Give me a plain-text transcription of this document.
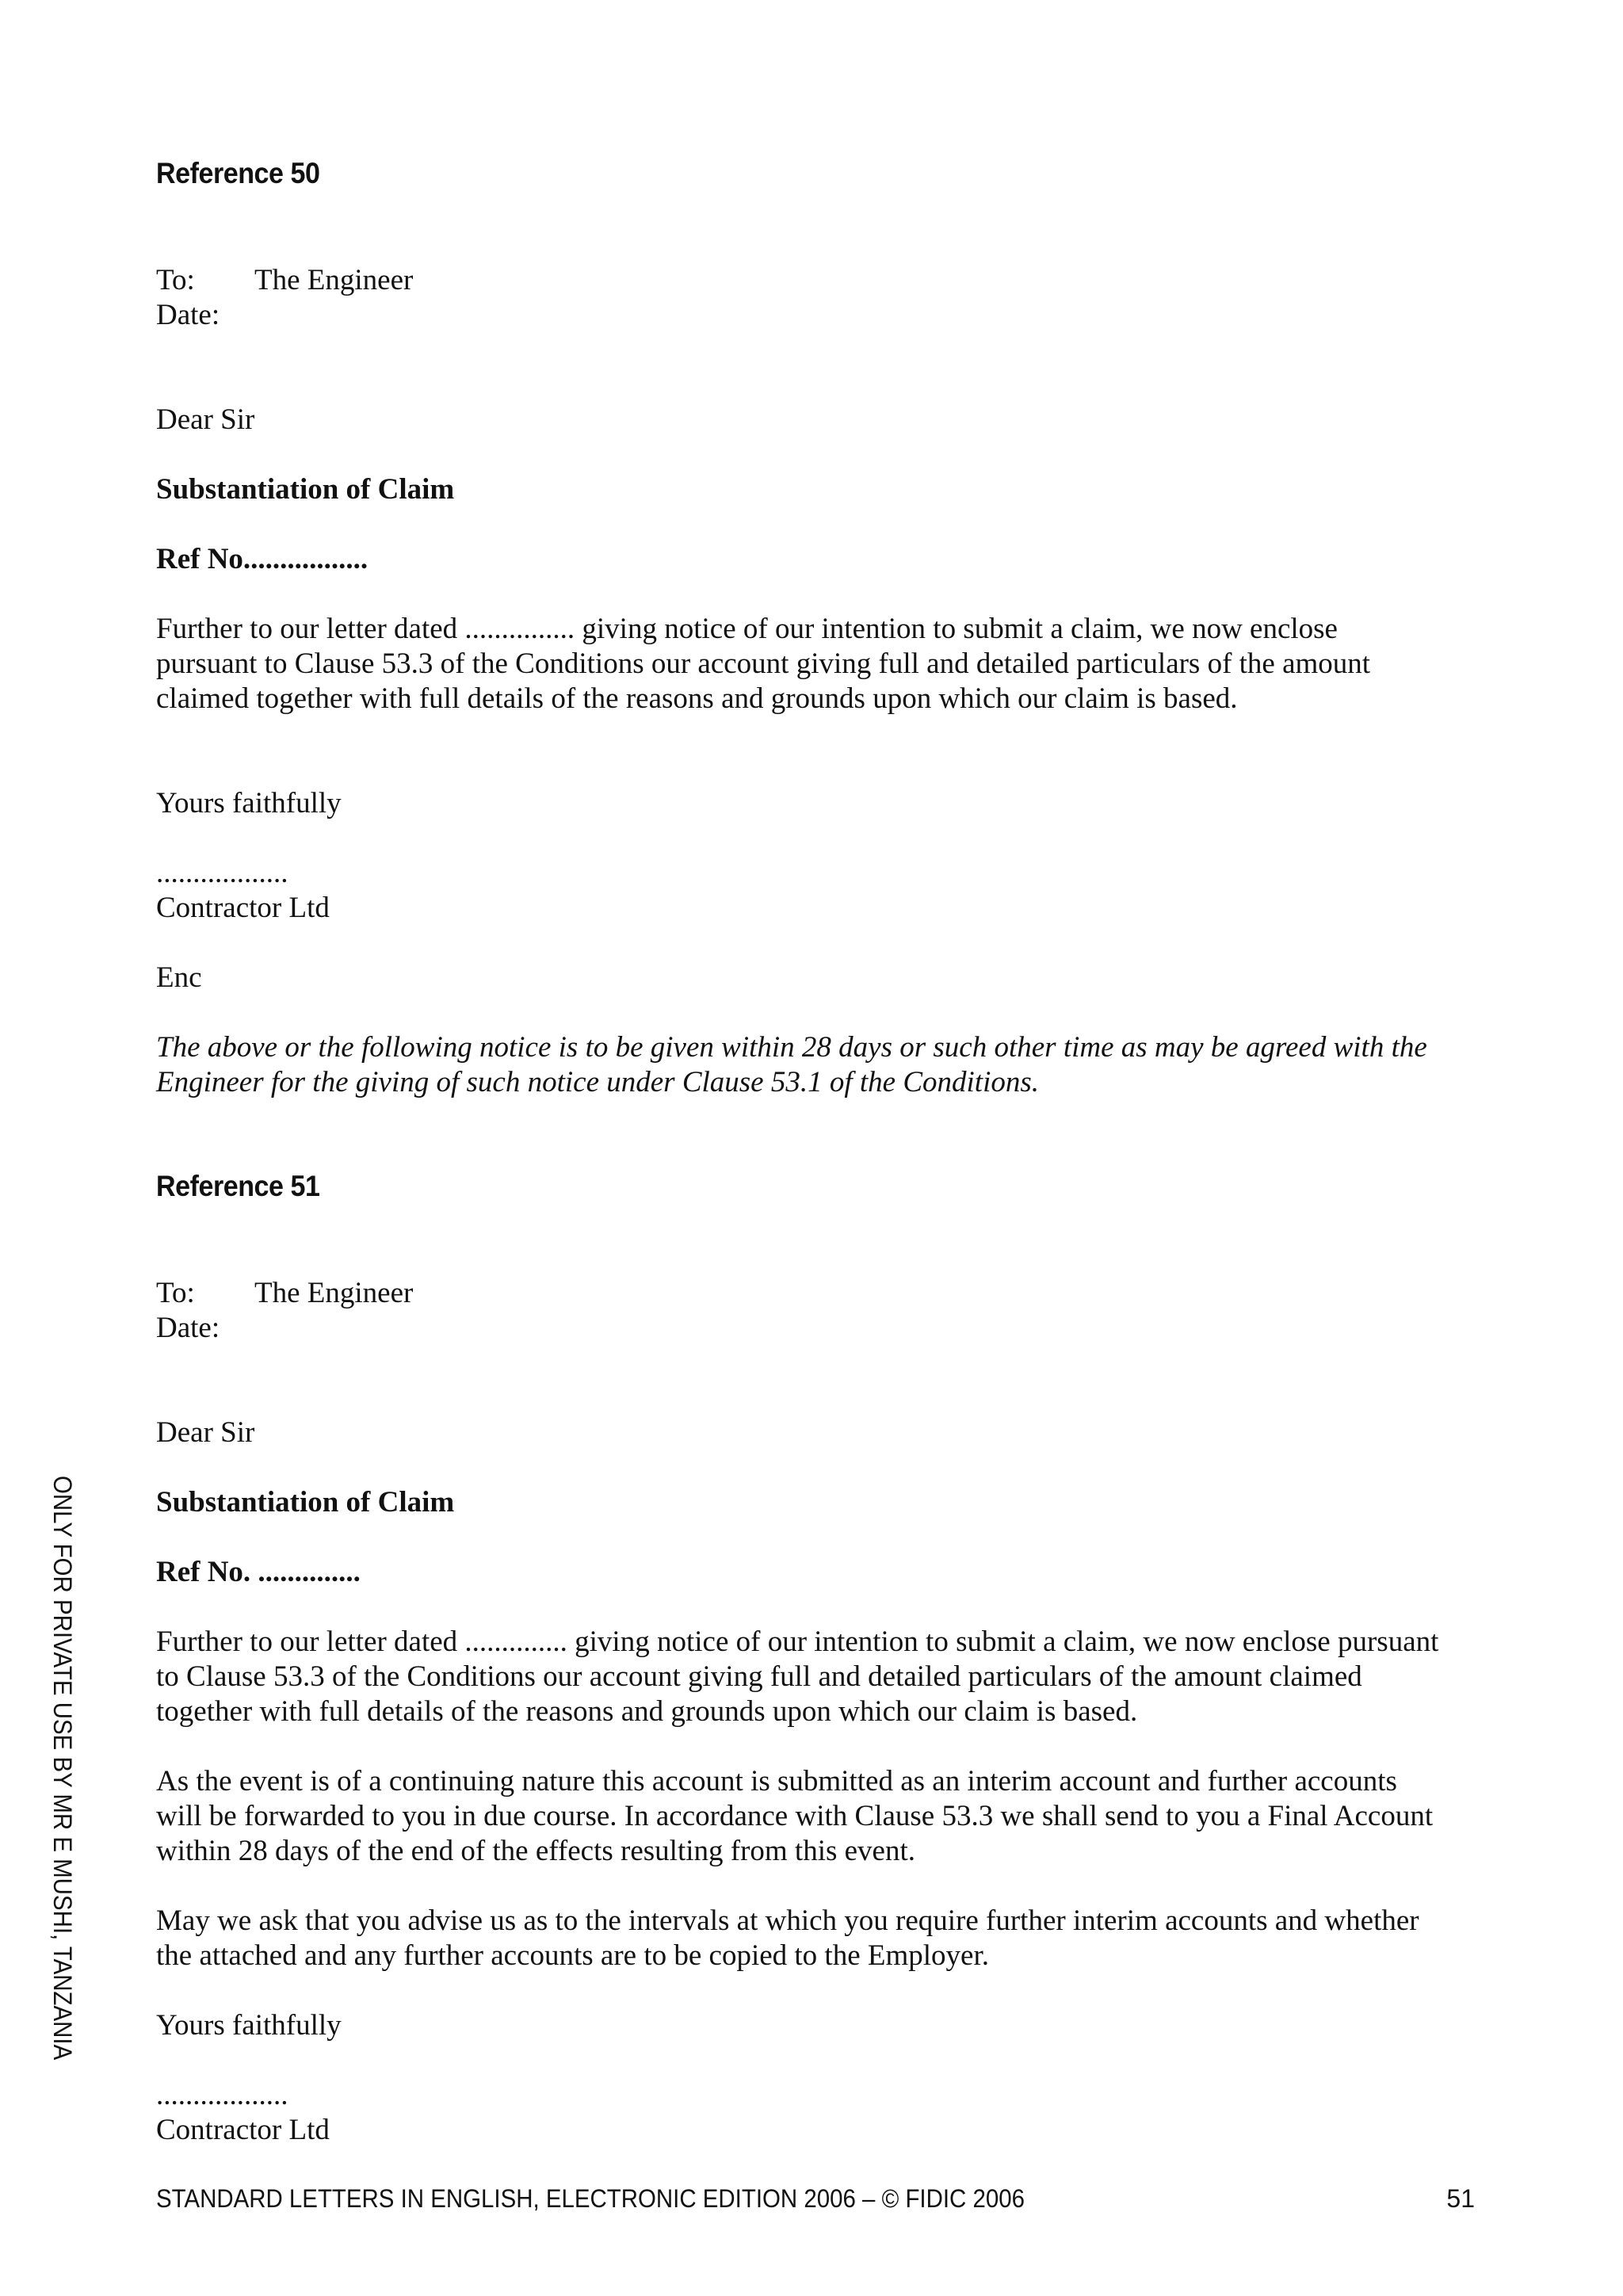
Reference 50
To:	The Engineer
Date:
Dear Sir
Substantiation of Claim
Ref No.................
Further to our letter dated ............... giving notice of our intention to submit a claim, we now enclose
pursuant to Clause 53.3 of the Conditions our account giving full and detailed particulars of the amount
claimed together with full details of the reasons and grounds upon which our claim is based.
Yours faithfully
..................
Contractor Ltd
Enc
The above or the following notice is to be given within 28 days or such other time as may be agreed with the
Engineer for the giving of such notice under Clause 53.1 of the Conditions.
Reference 51
To:	The Engineer
Date:
Dear Sir
Substantiation of Claim
Ref No. ..............
Further to our letter dated .............. giving notice of our intention to submit a claim, we now enclose pursuant
to Clause 53.3 of the Conditions our account giving full and detailed particulars of the amount claimed
together with full details of the reasons and grounds upon which our claim is based.
As the event is of a continuing nature this account is submitted as an interim account and further accounts
will be forwarded to you in due course. In accordance with Clause 53.3 we shall send to you a Final Account
within 28 days of the end of the effects resulting from this event.
May we ask that you advise us as to the intervals at which you require further interim accounts and whether
the attached and any further accounts are to be copied to the Employer.
Yours faithfully
..................
Contractor Ltd
STANDARD LETTERS IN ENGLISH, ELECTRONIC EDITION 2006 – © FIDIC 2006	51
ONLY FOR PRIVATE USE BY MR E MUSHI, TANZANIA
